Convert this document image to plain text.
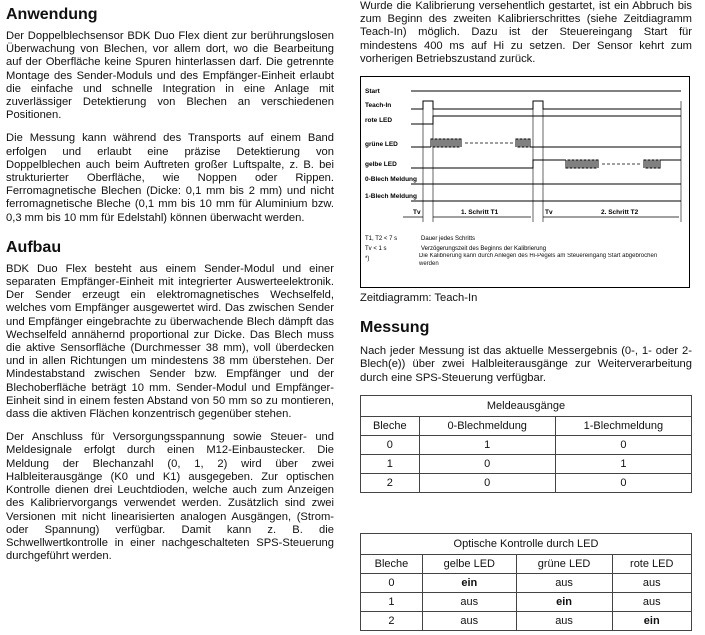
Anwendung

Der Doppelblechsensor BDK Duo Flex dient zur berührungslosen Überwachung von Blechen, vor allem dort, wo die Bearbeitung auf der Oberfläche keine Spuren hinterlassen darf. Die getrennte Montage des Sender-Moduls und des Empfänger-Einheit erlaubt die einfache und schnelle Integration in eine Anlage mit zuverlässiger Detektierung von Blechen an verschiedenen Positionen.

Die Messung kann während des Transports auf einem Band erfolgen und erlaubt eine präzise Detektierung von Doppelblechen auch beim Auftreten großer Luftspalte, z. B. bei strukturierter Oberfläche, wie Noppen oder Rippen. Ferromagnetische Blechen (Dicke: 0,1 mm bis 2 mm) und nicht ferromagnetische Bleche (0,1 mm bis 10 mm für Aluminium bzw. 0,3 mm bis 10 mm für Edelstahl) können überwacht werden.

Aufbau

BDK Duo Flex besteht aus einem Sender-Modul und einer separaten Empfänger-Einheit mit integrierter Auswerteelektronik. Der Sender erzeugt ein elektromagnetisches Wechselfeld, welches vom Empfänger ausgewertet wird. Das zwischen Sender und Empfänger eingebrachte zu überwachende Blech dämpft das Wechselfeld annähernd proportional zur Dicke. Das Blech muss die aktive Sensorfläche (Durchmesser 38 mm), voll überdecken und in allen Richtungen um mindestens 38 mm überstehen. Der Mindestabstand zwischen Sender bzw. Empfänger und der Blechoberfläche beträgt 10 mm. Sender-Modul und Empfänger-Einheit sind in einem festen Abstand von 50 mm so zu montieren, dass die aktiven Flächen konzentrisch gegenüber stehen.

Der Anschluss für Versorgungsspannung sowie Steuer- und Meldesignale erfolgt durch einen M12-Einbaustecker. Die Meldung der Blechanzahl (0, 1, 2) wird über zwei Halbleiterausgänge (K0 und K1) ausgegeben. Zur optischen Kontrolle dienen drei Leuchtdioden, welche auch zum Anzeigen des Kalibriervorgangs verwendet werden. Zusätzlich sind zwei Versionen mit nicht linearisierten analogen Ausgängen, (Strom- oder Spannung) verfügbar. Damit kann z. B. die Schwellwertkontrolle in einer nachgeschalteten SPS-Steuerung durchgeführt werden.

Wurde die Kalibrierung versehentlich gestartet, ist ein Abbruch bis zum Beginn des zweiten Kalibrierschrittes (siehe Zeitdiagramm Teach-In) möglich. Dazu ist der Steuereingang Start für mindestens 400 ms auf Hi zu setzen. Der Sensor kehrt zum vorherigen Betriebszustand zurück.

Start
Teach-In
rote LED
grüne LED
gelbe LED
0-Blech Meldung
1-Blech Meldung
Tv	1. Schritt T1	Tv	2. Schritt T2
T1, T2 < 7 s	Dauer jedes Schritts
Tv < 1 s	Verzögerungszeit des Beginns der Kalibrierung
*)	Die Kalibrierung kann durch Anlegen des Hi-Pegels am Steuereingang Start abgebrochen werden

Zeitdiagramm: Teach-In

Messung

Nach jeder Messung ist das aktuelle Messergebnis (0-, 1- oder 2-Blech(e)) über zwei Halbleiterausgänge zur Weiterverarbeitung durch eine SPS-Steuerung verfügbar.

Meldeausgänge		
Bleche	0-Blechmeldung	1-Blechmeldung
0	1	0
1	0	1
2	0	0
Optische Kontrolle durch LED			
Bleche	gelbe LED	grüne LED	rote LED
0	ein	aus	aus
1	aus	ein	aus
2	aus	aus	ein
